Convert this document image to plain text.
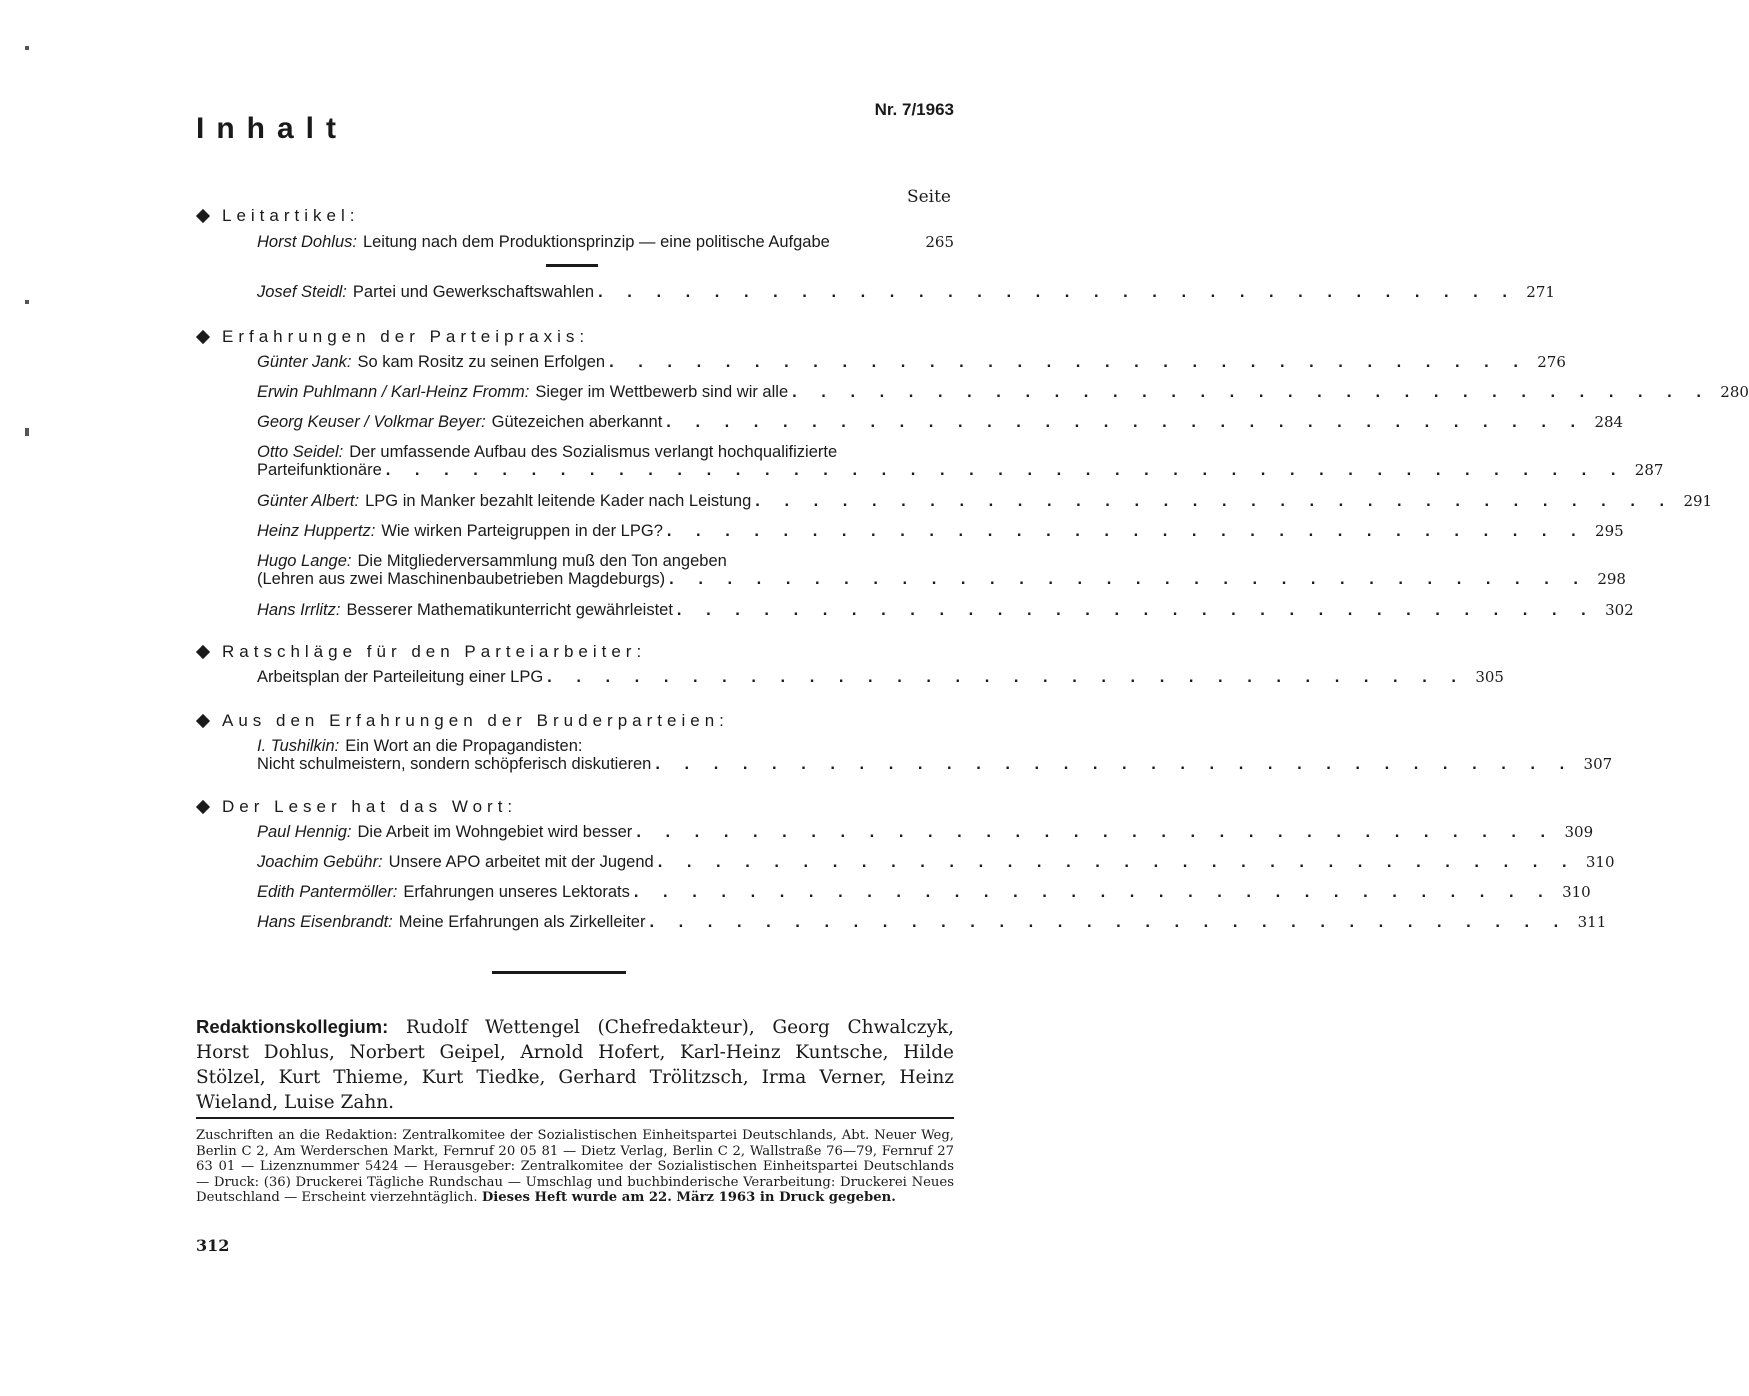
Inhalt
Nr. 7/1963
Seite
Leitartikel:
Horst Dohlus: Leitung nach dem Produktionsprinzip — eine politische Aufgabe	265
Josef Steidl: Partei und Gewerkschaftswahlen . . . . . . . . . . . . . . . . . . . . . . . . . . . . . . . . 271
Erfahrungen der Parteipraxis:
Günter Jank: So kam Rositz zu seinen Erfolgen . . . . . . . . . . . . . . . . . . . . . . . . . . . . . . . . 276
Erwin Puhlmann / Karl-Heinz Fromm: Sieger im Wettbewerb sind wir alle . . . . . . . . . . . . . . . . . . . . . . . . . . . . . . . . 280
Georg Keuser / Volkmar Beyer: Gütezeichen aberkannt . . . . . . . . . . . . . . . . . . . . . . . . . . . . . . . . 284
Otto Seidel: Der umfassende Aufbau des Sozialismus verlangt hochqualifizierte
Parteifunktionäre . . . . . . . . . . . . . . . . . . . . . . . . . . . . . . . . . . . . . . . . . . . 287
Günter Albert: LPG in Manker bezahlt leitende Kader nach Leistung . . . . . . . . . . . . . . . . . . . . . . . . . . . . . . . . 291
Heinz Huppertz: Wie wirken Parteigruppen in der LPG? . . . . . . . . . . . . . . . . . . . . . . . . . . . . . . . . 295
Hugo Lange: Die Mitgliederversammlung muß den Ton angeben
(Lehren aus zwei Maschinenbaubetrieben Magdeburgs) . . . . . . . . . . . . . . . . . . . . . . . . . . . . . . . . 298
Hans Irrlitz: Besserer Mathematikunterricht gewährleistet . . . . . . . . . . . . . . . . . . . . . . . . . . . . . . . . 302
Ratschläge für den Parteiarbeiter:
Arbeitsplan der Parteileitung einer LPG . . . . . . . . . . . . . . . . . . . . . . . . . . . . . . . . 305
Aus den Erfahrungen der Bruderparteien:
I. Tushilkin: Ein Wort an die Propagandisten:
Nicht schulmeistern, sondern schöpferisch diskutieren . . . . . . . . . . . . . . . . . . . . . . . . . . . . . . . . 307
Der Leser hat das Wort:
Paul Hennig: Die Arbeit im Wohngebiet wird besser . . . . . . . . . . . . . . . . . . . . . . . . . . . . . . . . 309
Joachim Gebühr: Unsere APO arbeitet mit der Jugend . . . . . . . . . . . . . . . . . . . . . . . . . . . . . . . . 310
Edith Pantermöller: Erfahrungen unseres Lektorats . . . . . . . . . . . . . . . . . . . . . . . . . . . . . . . . 310
Hans Eisenbrandt: Meine Erfahrungen als Zirkelleiter . . . . . . . . . . . . . . . . . . . . . . . . . . . . . . . . 311
Redaktionskollegium: Rudolf Wettengel (Chefredakteur), Georg Chwalczyk, Horst Dohlus, Norbert Geipel, Arnold Hofert, Karl-Heinz Kuntsche, Hilde Stölzel, Kurt Thieme, Kurt Tiedke, Gerhard Trölitzsch, Irma Verner, Heinz Wieland, Luise Zahn.
Zuschriften an die Redaktion: Zentralkomitee der Sozialistischen Einheitspartei Deutschlands, Abt. Neuer Weg, Berlin C 2, Am Werderschen Markt, Fernruf 20 05 81 — Dietz Verlag, Berlin C 2, Wallstraße 76—79, Fernruf 27 63 01 — Lizenznummer 5424 — Herausgeber: Zentralkomitee der Sozialistischen Einheitspartei Deutschlands — Druck: (36) Druckerei Tägliche Rundschau — Umschlag und buchbinderische Verarbeitung: Druckerei Neues Deutschland — Erscheint vierzehntäglich. Dieses Heft wurde am 22. März 1963 in Druck gegeben.
312
